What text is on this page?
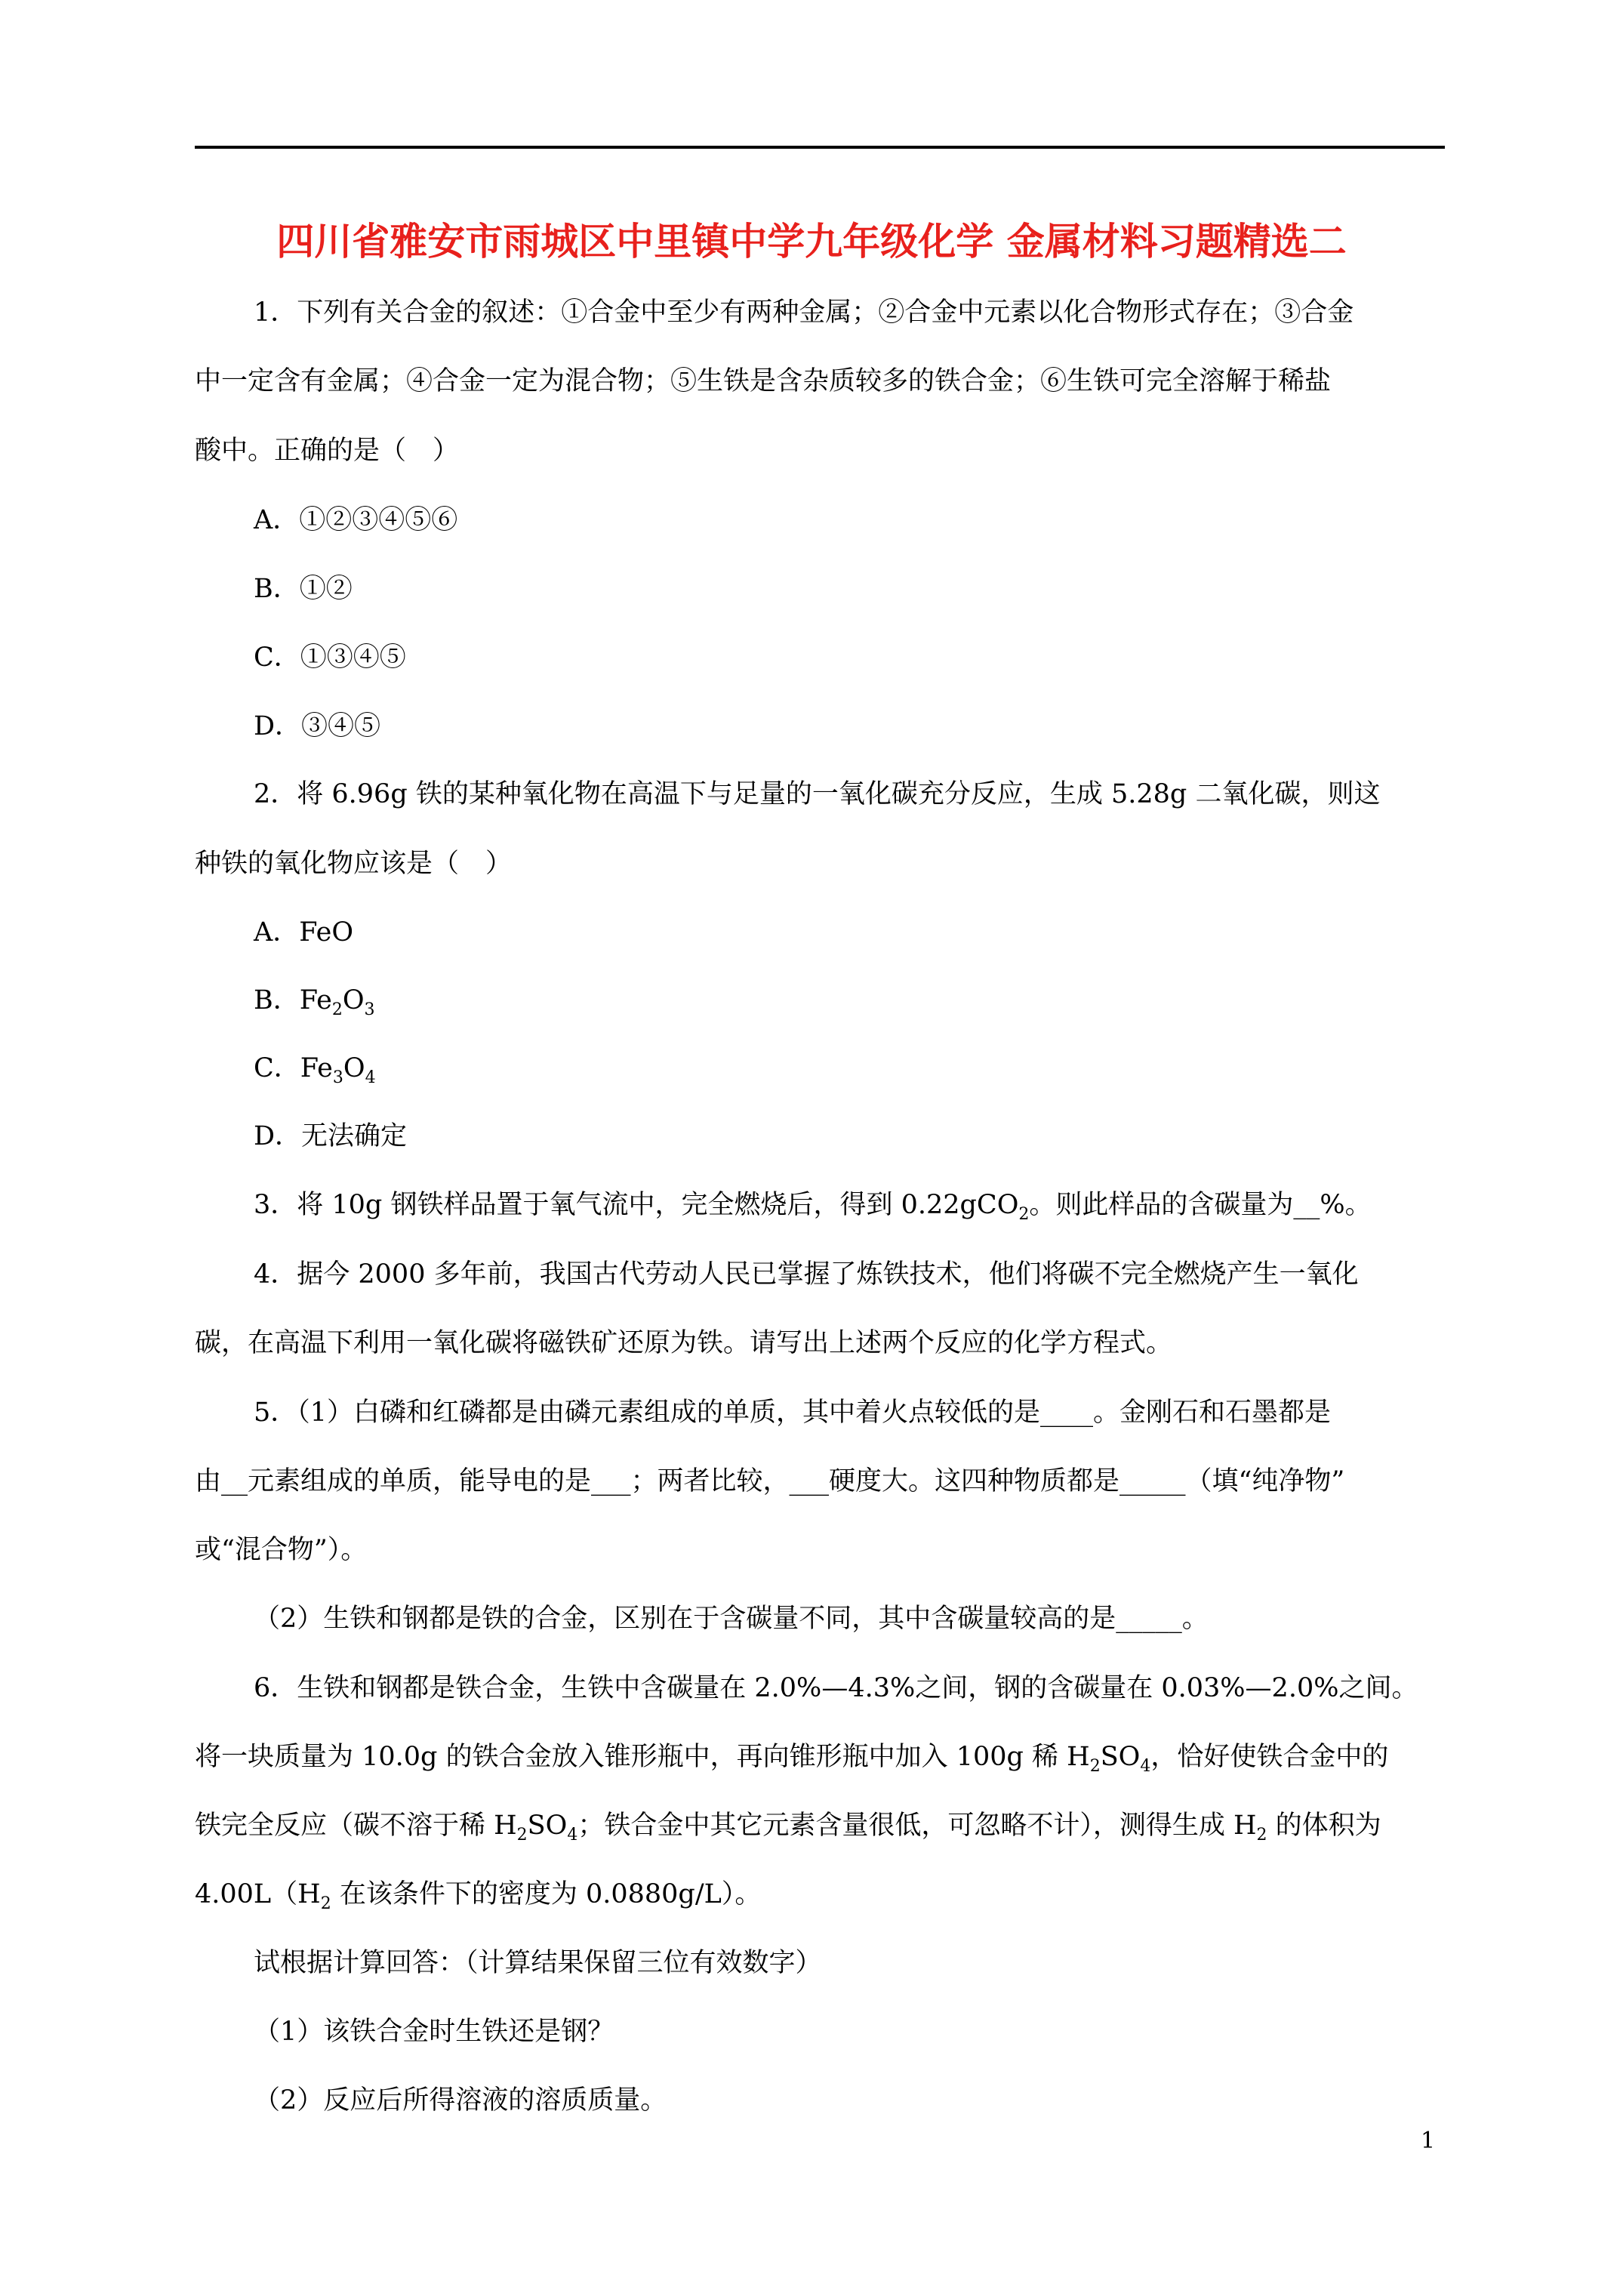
四川省雅安市雨城区中里镇中学九年级化学 金属材料习题精选二
1．下列有关合金的叙述：①合金中至少有两种金属；②合金中元素以化合物形式存在；③合金
中一定含有金属；④合金一定为混合物；⑤生铁是含杂质较多的铁合金；⑥生铁可完全溶解于稀盐
酸中。正确的是（　）
A．①②③④⑤⑥
B．①②
C．①③④⑤
D．③④⑤
2．将 6.96g 铁的某种氧化物在高温下与足量的一氧化碳充分反应，生成 5.28g 二氧化碳，则这
种铁的氧化物应该是（　）
A．FeO
B．$Fe_2O_3$
C．$Fe_3O_4$
D．无法确定
3．将 10g 钢铁样品置于氧气流中，完全燃烧后，得到 0.22gCO$_2$。则此样品的含碳量为__%。
4．据今 2000 多年前，我国古代劳动人民已掌握了炼铁技术，他们将碳不完全燃烧产生一氧化
碳，在高温下利用一氧化碳将磁铁矿还原为铁。请写出上述两个反应的化学方程式。
5．（1）白磷和红磷都是由磷元素组成的单质，其中着火点较低的是____。金刚石和石墨都是
由__元素组成的单质，能导电的是___；两者比较，___硬度大。这四种物质都是_____（填“纯净物”
或“混合物”）。
（2）生铁和钢都是铁的合金，区别在于含碳量不同，其中含碳量较高的是_____。
6．生铁和钢都是铁合金，生铁中含碳量在 2.0%—4.3%之间，钢的含碳量在 0.03%—2.0%之间。
将一块质量为 10.0g 的铁合金放入锥形瓶中，再向锥形瓶中加入 100g 稀 $H_2SO_4$，恰好使铁合金中的
铁完全反应（碳不溶于稀 $H_2SO_4$；铁合金中其它元素含量很低，可忽略不计），测得生成 $H_2$ 的体积为
$4.00L(H_2$ 在该条件下的密度为 0.0880g/L）。
试根据计算回答：（计算结果保留三位有效数字）
（1）该铁合金时生铁还是钢？
（2）反应后所得溶液的溶质质量。
1
